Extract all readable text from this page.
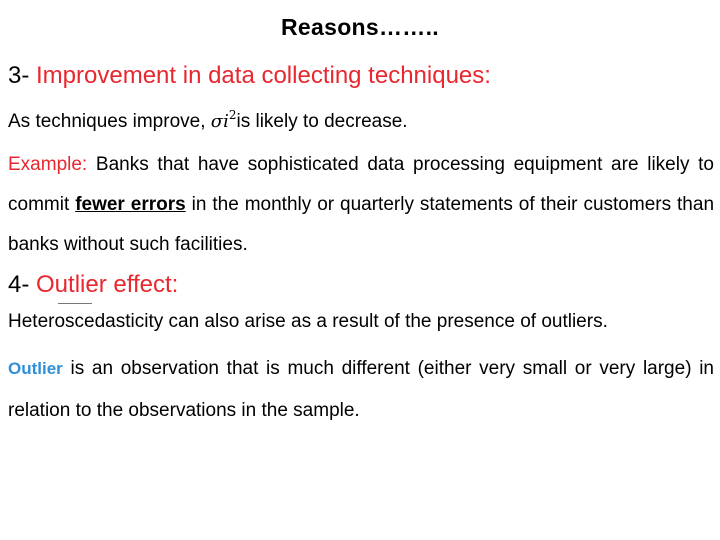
Reasons……..

3- Improvement in data collecting techniques:

As techniques improve, $\sigma i^2is$ likely to decrease.

Example: Banks that have sophisticated data processing equipment are likely to commit fewer errors in the monthly or quarterly statements of their customers than banks without such facilities.

4- Outlier effect:

Heteroscedasticity can also arise as a result of the presence of outliers.

Outlier is an observation that is much different (either very small or very large) in relation to the observations in the sample.
